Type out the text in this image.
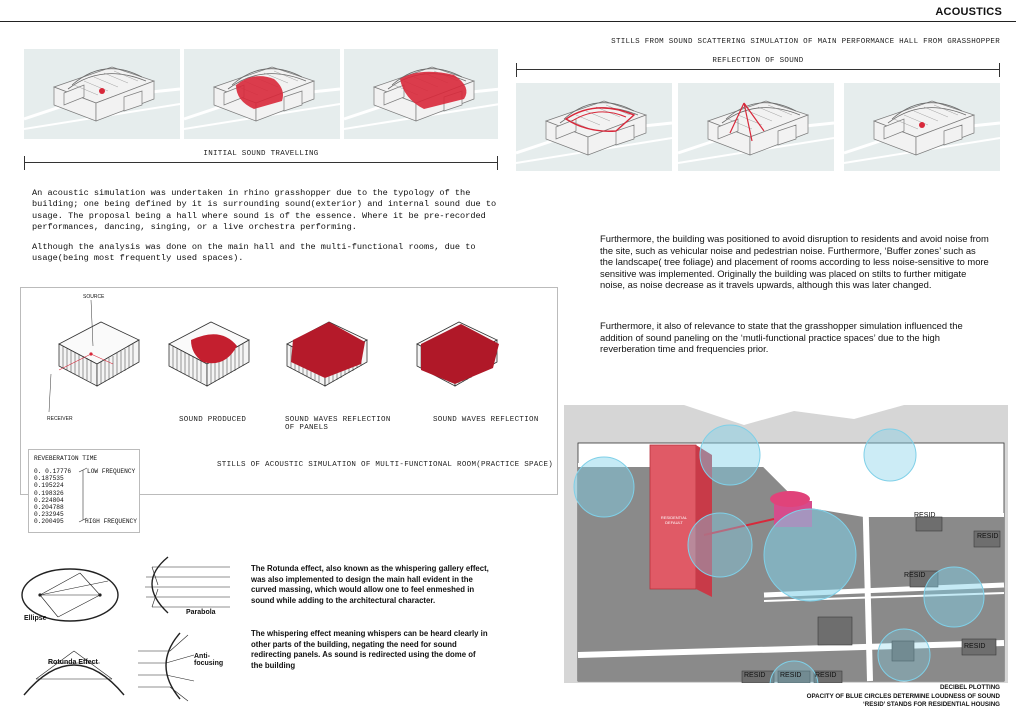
ACOUSTICS
INITIAL SOUND TRAVELLING
STILLS FROM SOUND SCATTERING SIMULATION OF MAIN PERFORMANCE HALL FROM GRASSHOPPER
REFLECTION OF SOUND
An acoustic simulation was undertaken in rhino grasshopper due to the typology of the building; one being defined by it is surrounding sound(exterior) and internal sound due to usage. The proposal being a hall where sound is of the essence. Where it be pre-recorded performances, dancing, singing, or a live orchestra performing.
Although the analysis was done on the main hall and the multi-functional rooms, due to usage(being most frequently used spaces).
Furthermore, the building was positioned to avoid disruption to residents and avoid noise from the site, such as vehicular noise and pedestrian noise. Furthermore, ‘Buffer zones’ such as the landscape( tree foliage) and placement of rooms according to less noise-sensitive to more sensitive was implemented. Originally the building was placed on stilts to further mitigate noise, as noise decrease as it travels upwards, although this was later changed.
Furthermore, it also of relevance to state that the grasshopper simulation influenced the addition of sound paneling on the ‘mutli-functional practice spaces’ due to the high reverberation time and frequencies prior.
SOURCE
RECEIVER	SOUND PRODUCED	SOUND WAVES REFLECTION OF PANELS
SOUND WAVES REFLECTION
STILLS OF ACOUSTIC SIMULATION OF MULTI-FUNCTIONAL ROOM(PRACTICE SPACE)
REVEBERATION TIME
0. 0.17776
0.187535
0.195224
0.198326
0.224804
0.204788
0.232945
0.200495
LOW FREQUENCY
HIGH FREQUENCY
Ellipse
Parabola
Rotunda Effect
Anti-
focusing
The Rotunda effect, also known as the whispering gallery effect, was also implemented to design the main hall evident in the curved massing, which would allow one to feel enmeshed in sound while adding to the architectural character.
The whispering effect meaning whispers can be heard clearly in other parts of the building, negating the need for sound redirecting panels. As sound is redirected using the dome of the building
RESIDENTIAL DEFAULT
RESID
RESID
RESID
RESID
RESID RESID RESID
DECIBEL PLOTTING
OPACITY OF BLUE CIRCLES DETERMINE LOUDNESS OF SOUND
‘RESID’ STANDS FOR RESIDENTIAL HOUSING
